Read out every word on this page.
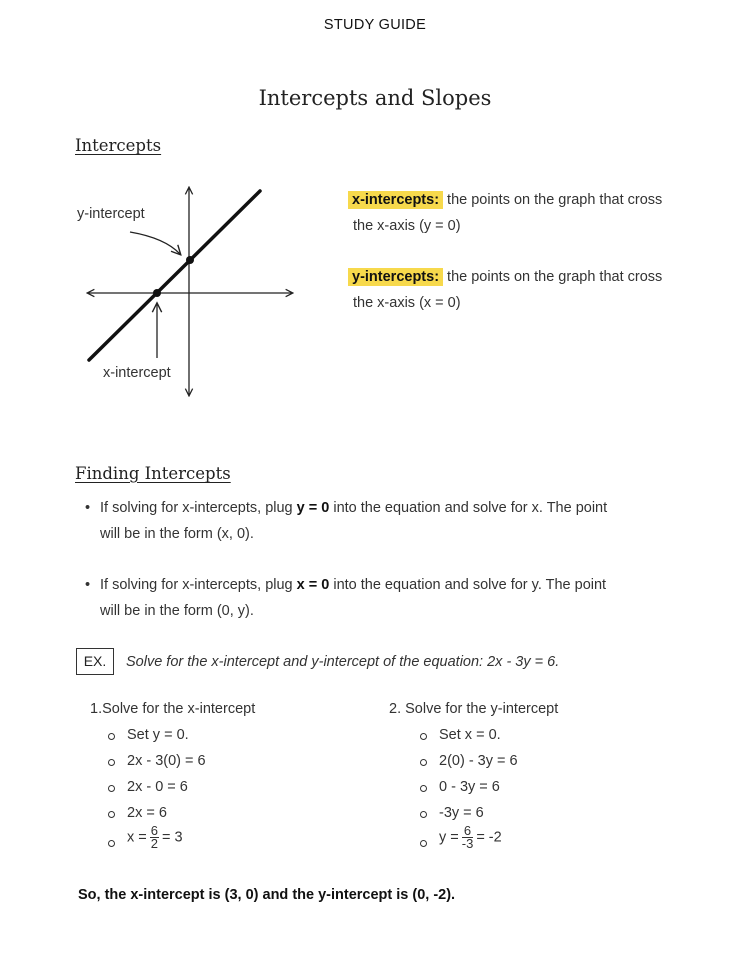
STUDY GUIDE
Intercepts and Slopes
Intercepts
y-intercept
x-intercept
x-intercepts: the points on the graph that cross
the x-axis (y = 0)
y-intercepts: the points on the graph that cross
the x-axis (x = 0)
Finding Intercepts
• If solving for x-intercepts, plug y = 0 into the equation and solve for x. The point
will be in the form (x, 0).
• If solving for x-intercepts, plug x = 0 into the equation and solve for y. The point
will be in the form (0, y).
EX.	Solve for the x-intercept and y-intercept of the equation: 2x - 3y = 6.
1.Solve for the x-intercept
Set y = 0.
2x - 3(0) = 6
2x - 0 = 6
2x = 6
$x = \frac{6}{2} = 3$
2. Solve for the y-intercept
Set x = 0.
2(0) - 3y = 6
0 - 3y = 6
-3y = 6
$y = \frac{6}{-3} = -2$
So, the x-intercept is (3, 0) and the y-intercept is (0, -2).
